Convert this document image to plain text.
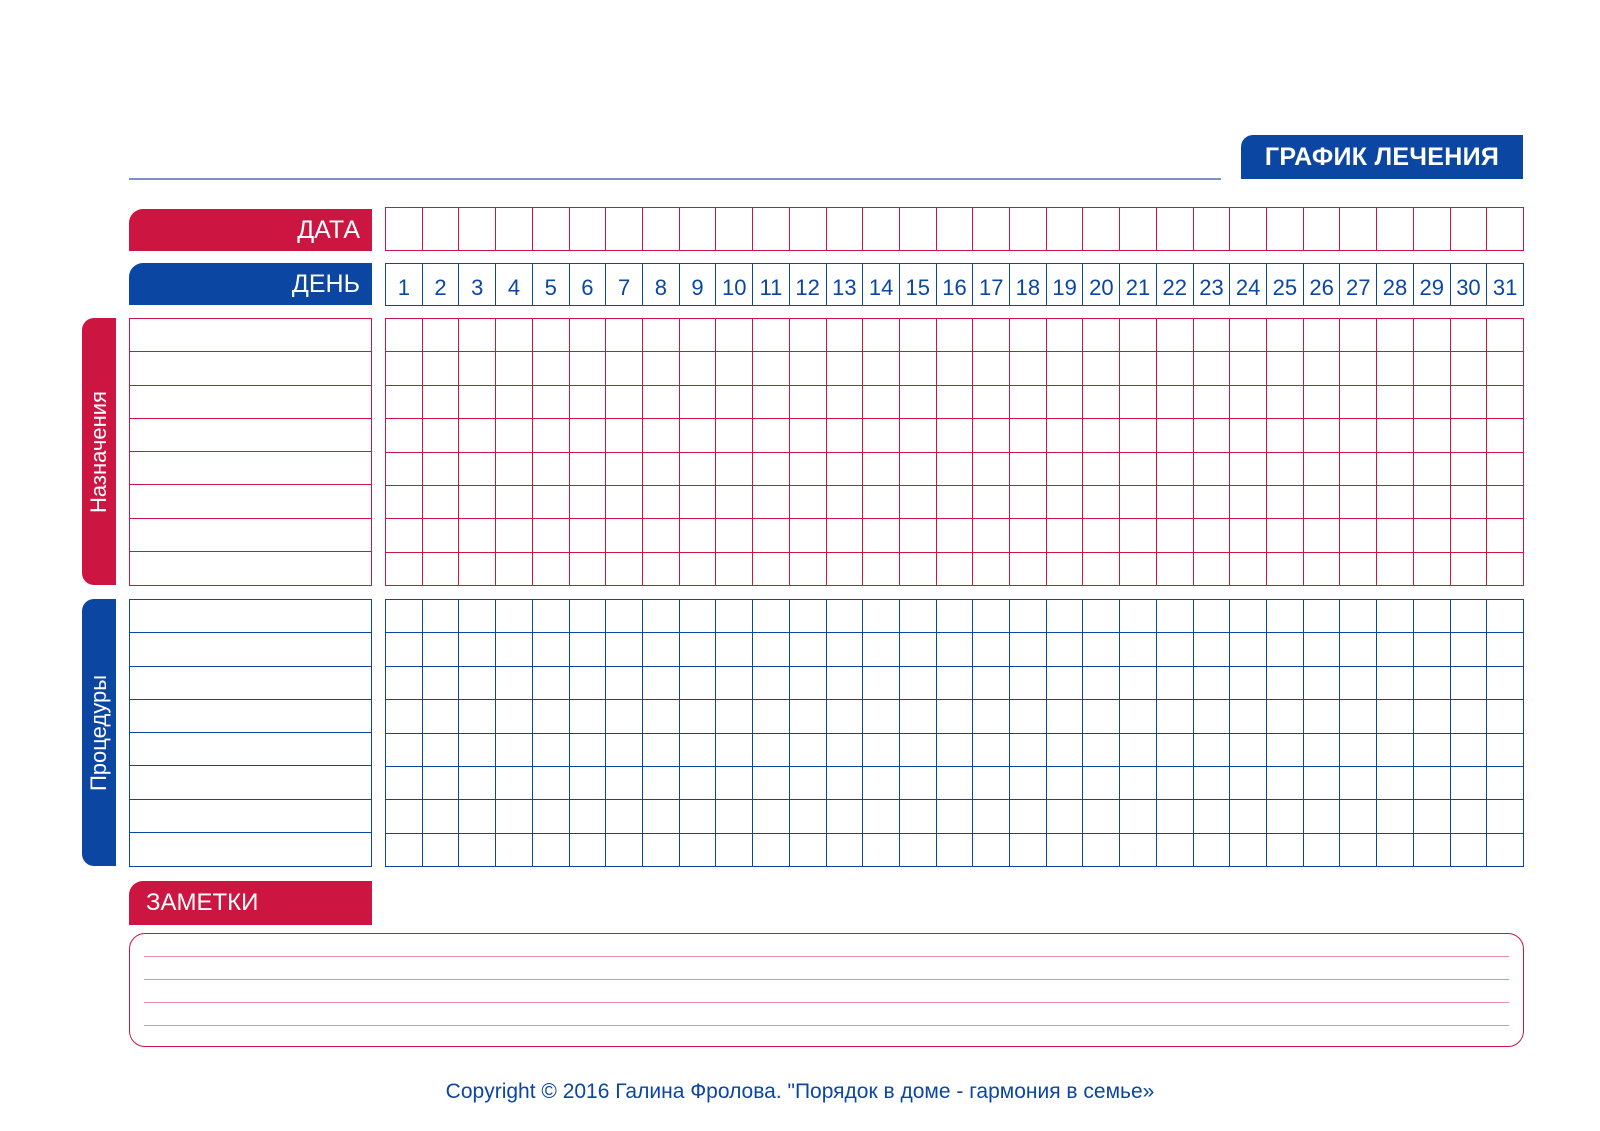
ГРАФИК ЛЕЧЕНИЯ
ДАТА
ДЕНЬ	1	2	3	4	5	6	7	8	9 10 11 12 13 14 15 16 17 18 19 20 21 22 23 24 25 26 27 28 29 30 31
Назначения
Процедуры
ЗАМЕТКИ
Copyright © 2016 Галина Фролова. "Порядок в доме - гармония в семье»
